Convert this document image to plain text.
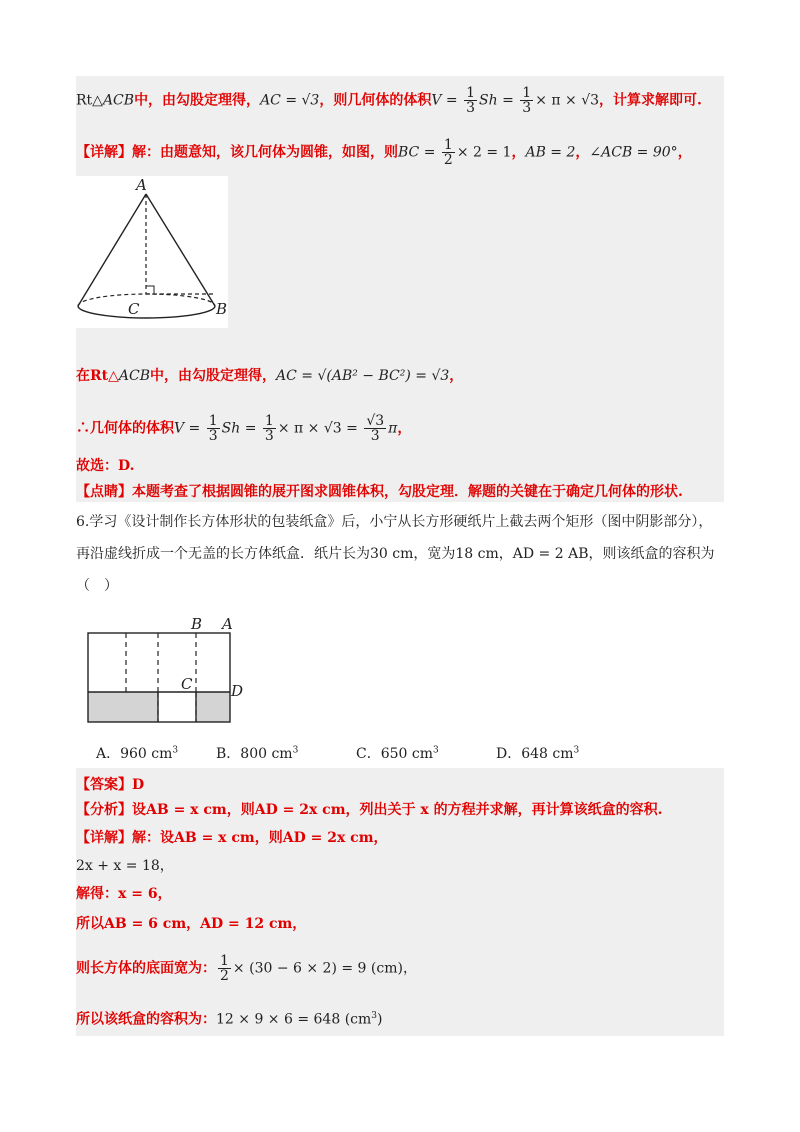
Rt△ACB中，由勾股定理得，AC = √3，则几何体的体积$V = \frac{1}{3}$ $Sh = \frac{1}{3} \times \pi \times √3$，计算求解即可.
【详解】解：由题意知，该几何体为圆锥，如图，则BC = $\frac{1}{2} \times 2 = 1$，AB = 2，∠ACB = 90°，
A
C	B
在Rt△ACB中，由勾股定理得，AC = √(AB² − BC²) = √3，
∴几何体的体积$V = \frac{1}{3}$ $Sh = \frac{1}{3} \times \pi \times √3 = \frac{√3}{3}$ π，
故选：D.
【点睛】本题考查了根据圆锥的展开图求圆锥体积，勾股定理．解题的关键在于确定几何体的形状.
6.学习《设计制作长方体形状的包装纸盒》后，小宁从长方形硬纸片上截去两个矩形（图中阴影部分），
再沿虚线折成一个无盖的长方体纸盒．纸片长为30 cm，宽为18 cm，AD = 2 AB，则该纸盒的容积为
（　）
B A
C	D
A．960 $cm^3$	B．800 $cm^3$	C．650 $cm^3$	D．648 $cm^3$
【答案】D
【分析】设AB = x cm，则AD = 2x cm，列出关于 x 的方程并求解，再计算该纸盒的容积.
【详解】解：设AB = x cm，则AD = 2x cm，
2x + x = 18，
解得：x = 6，
所以AB = 6 cm，AD = 12 cm，
则长方体的底面宽为： $\frac{1}{2} \times (30 - 6 \times 2) = 9$ (cm)，
所以该纸盒的容积为：12 × 9 × 6 = 648 $(cm^3)$
